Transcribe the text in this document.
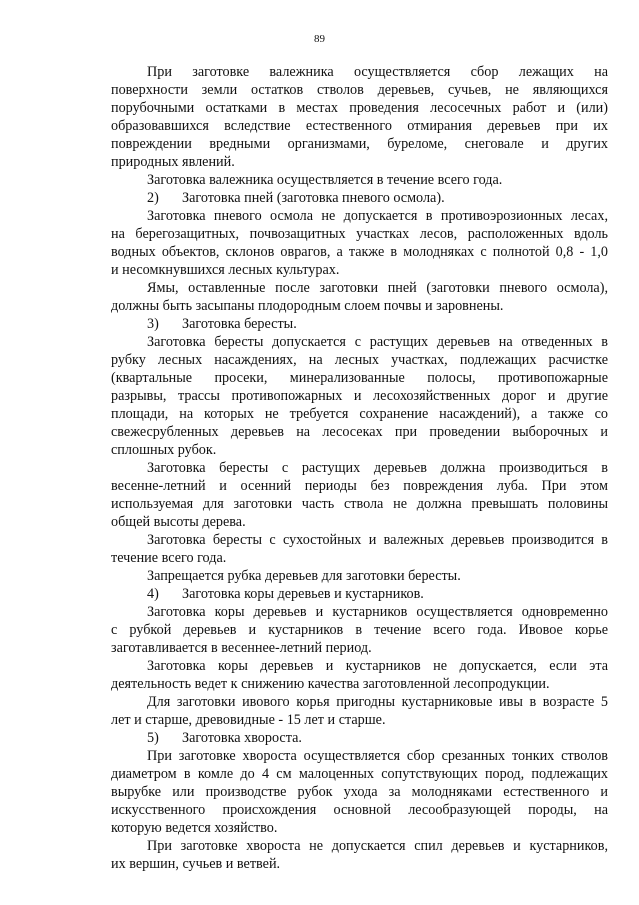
89
При заготовке валежника осуществляется сбор лежащих на
поверхности земли остатков стволов деревьев, сучьев, не являющихся
порубочными остатками в местах проведения лесосечных работ и (или)
образовавшихся вследствие естественного отмирания деревьев при их
повреждении вредными организмами, буреломе, снеговале и других
природных явлений.
Заготовка валежника осуществляется в течение всего года.
2) Заготовка пней (заготовка пневого осмола).
Заготовка пневого осмола не допускается в противоэрозионных лесах,
на берегозащитных, почвозащитных участках лесов, расположенных вдоль
водных объектов, склонов оврагов, а также в молодняках с полнотой 0,8 - 1,0
и несомкнувшихся лесных культурах.
Ямы, оставленные после заготовки пней (заготовки пневого осмола),
должны быть засыпаны плодородным слоем почвы и заровнены.
3) Заготовка бересты.
Заготовка бересты допускается с растущих деревьев на отведенных в
рубку лесных насаждениях, на лесных участках, подлежащих расчистке
(квартальные просеки, минерализованные полосы, противопожарные
разрывы, трассы противопожарных и лесохозяйственных дорог и другие
площади, на которых не требуется сохранение насаждений), а также со
свежесрубленных деревьев на лесосеках при проведении выборочных и
сплошных рубок.
Заготовка бересты с растущих деревьев должна производиться в
весенне-летний и осенний периоды без повреждения луба. При этом
используемая для заготовки часть ствола не должна превышать половины
общей высоты дерева.
Заготовка бересты с сухостойных и валежных деревьев производится в
течение всего года.
Запрещается рубка деревьев для заготовки бересты.
4) Заготовка коры деревьев и кустарников.
Заготовка коры деревьев и кустарников осуществляется одновременно
с рубкой деревьев и кустарников в течение всего года. Ивовое корье
заготавливается в весеннее-летний период.
Заготовка коры деревьев и кустарников не допускается, если эта
деятельность ведет к снижению качества заготовленной лесопродукции.
Для заготовки ивового корья пригодны кустарниковые ивы в возрасте 5
лет и старше, древовидные - 15 лет и старше.
5) Заготовка хвороста.
При заготовке хвороста осуществляется сбор срезанных тонких стволов
диаметром в комле до 4 см малоценных сопутствующих пород, подлежащих
вырубке или производстве рубок ухода за молодняками естественного и
искусственного происхождения основной лесообразующей породы, на
которую ведется хозяйство.
При заготовке хвороста не допускается спил деревьев и кустарников,
их вершин, сучьев и ветвей.
